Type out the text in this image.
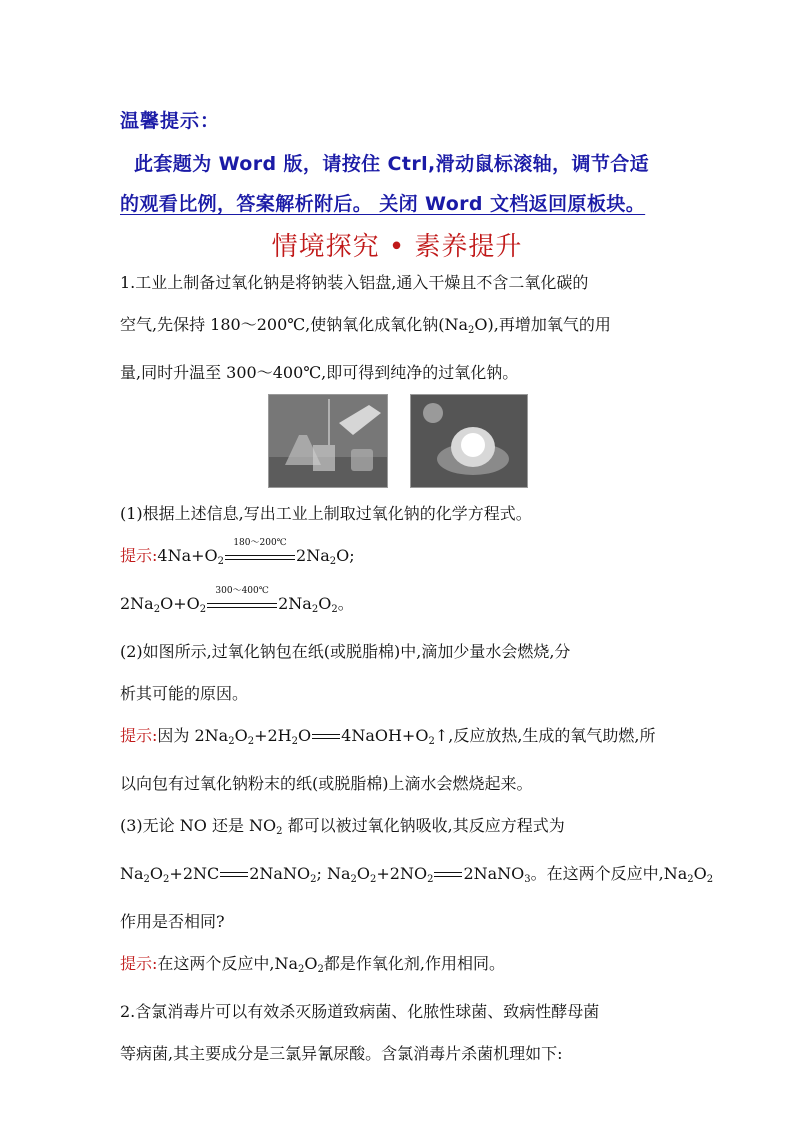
温馨提示：
此套题为 Word 版，请按住 Ctrl,滑动鼠标滚轴，调节合适
的观看比例，答案解析附后。 关闭 Word 文档返回原板块。
情境探究 • 素养提升
1.工业上制备过氧化钠是将钠装入铝盘,通入干燥且不含二氧化碳的
空气,先保持 180～200℃,使钠氧化成氧化钠$(Na_2O)$,再增加氧气的用
量,同时升温至 300～400℃,即可得到纯净的过氧化钠。
(1)根据上述信息,写出工业上制取过氧化钠的化学方程式。
提示$:4Na+O_2$
180～200℃
$2Na_2O$;
$2Na_2O+O_2$
300～400℃
$2Na_2O_2$。
(2)如图所示,过氧化钠包在纸(或脱脂棉)中,滴加少量水会燃烧,分
析其可能的原因。
提示:因为 $2Na_2O_2+2H_2O$ $4NaOH+O_2↑$,反应放热,生成的氧气助燃,所
以向包有过氧化钠粉末的纸(或脱脂棉)上滴水会燃烧起来。
(3)无论 NO 还是 $NO_2$ 都可以被过氧化钠吸收,其反应方程式为
$Na_2O_2+2NC$ 2NaNO$_2$; $Na_2O_2+2NO_2$ 2NaNO$_3$。在这两个反应中$,Na_2O_2$
作用是否相同?
提示:在这两个反应中$,Na_2O_2$都是作氧化剂,作用相同。
2.含氯消毒片可以有效杀灭肠道致病菌、化脓性球菌、致病性酵母菌
等病菌,其主要成分是三氯异氰尿酸。含氯消毒片杀菌机理如下:
